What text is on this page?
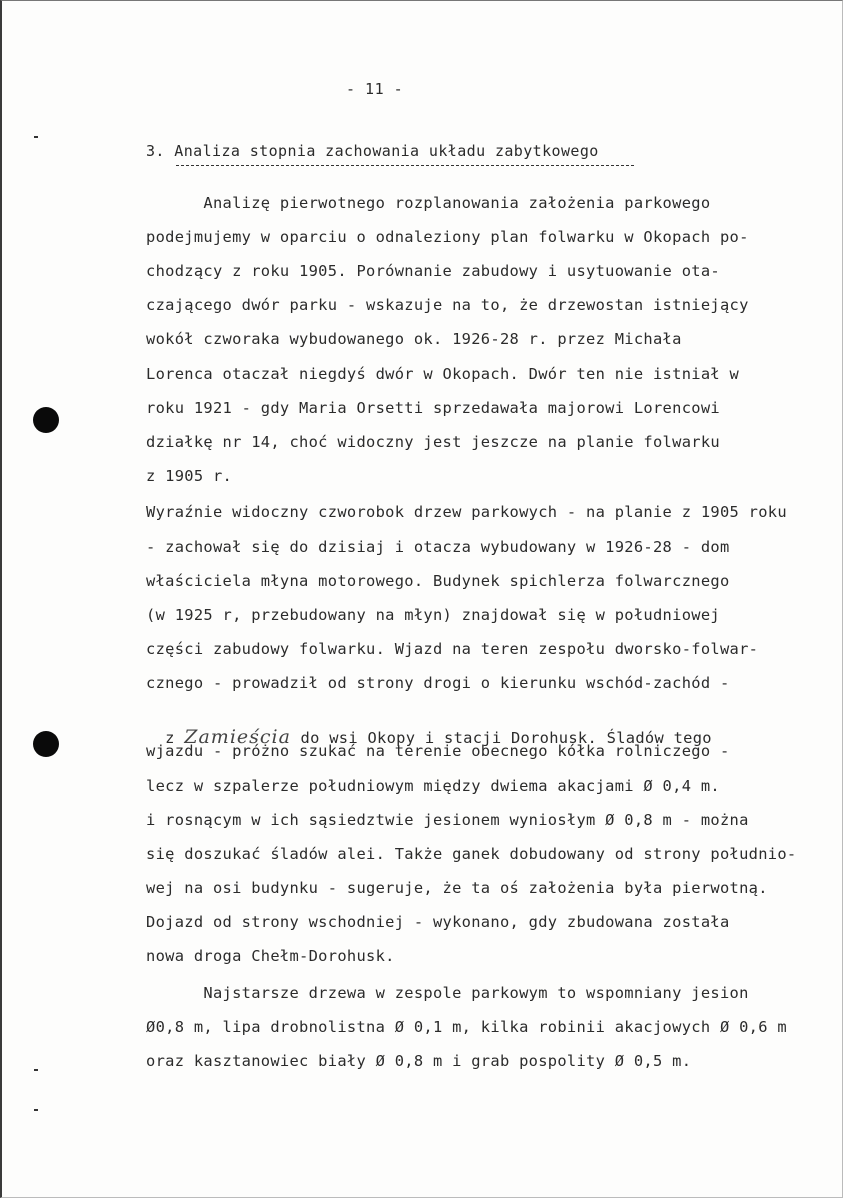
- 11 -
3. Analiza stopnia zachowania układu zabytkowego
Analizę pierwotnego rozplanowania założenia parkowego
podejmujemy w oparciu o odnaleziony plan folwarku w Okopach po-
chodzący z roku 1905. Porównanie zabudowy i usytuowanie ota-
czającego dwór parku - wskazuje na to, że drzewostan istniejący
wokół czworaka wybudowanego ok. 1926-28 r. przez Michała
Lorenca otaczał niegdyś dwór w Okopach. Dwór ten nie istniał w
roku 1921 - gdy Maria Orsetti sprzedawała majorowi Lorencowi
działkę nr 14, choć widoczny jest jeszcze na planie folwarku
z 1905 r.
Wyraźnie widoczny czworobok drzew parkowych - na planie z 1905 roku
- zachował się do dzisiaj i otacza wybudowany w 1926-28 - dom
właściciela młyna motorowego. Budynek spichlerza folwarcznego
(w 1925 r, przebudowany na młyn) znajdował się w południowej
części zabudowy folwarku. Wjazd na teren zespołu dworsko-folwar-
cznego - prowadził od strony drogi o kierunku wschód-zachód -

z Zamieścia do wsi Okopy i stacji Dorohusk. Śladów tego

wjazdu - próżno szukać na terenie obecnego kółka rolniczego -
lecz w szpalerze południowym między dwiema akacjami Ø 0,4 m.
i rosnącym w ich sąsiedztwie jesionem wyniosłym Ø 0,8 m - można
się doszukać śladów alei. Także ganek dobudowany od strony południo-
wej na osi budynku - sugeruje, że ta oś założenia była pierwotną.
Dojazd od strony wschodniej - wykonano, gdy zbudowana została
nowa droga Chełm-Dorohusk.
Najstarsze drzewa w zespole parkowym to wspomniany jesion
Ø0,8 m, lipa drobnolistna Ø 0,1 m, kilka robinii akacjowych Ø 0,6 m
oraz kasztanowiec biały Ø 0,8 m i grab pospolity Ø 0,5 m.
